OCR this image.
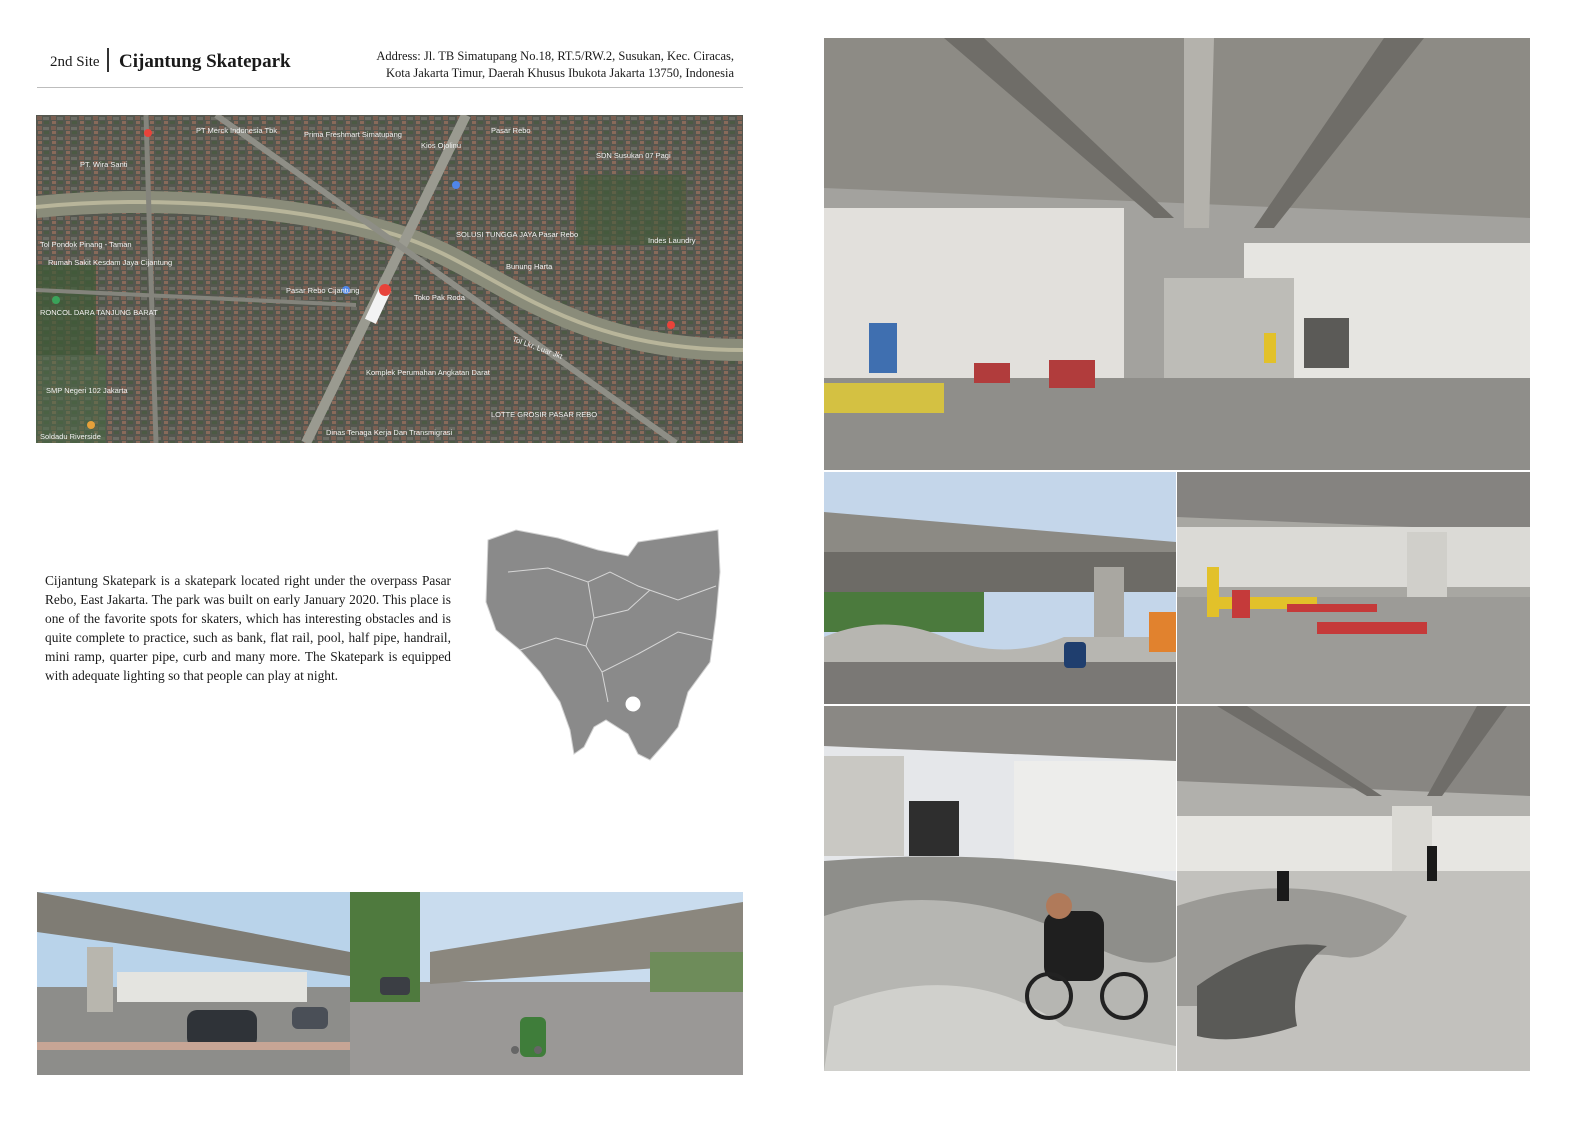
2nd Site Cijantung Skatepark	Address: Jl. TB Simatupang No.18, RT.5/RW.2, Susukan, Kec. Ciracas,
Kota Jakarta Timur, Daerah Khusus Ibukota Jakarta 13750, Indonesia
PT Merck Indonesia Tbk
PT. Wira Santi
Prima Freshmart Simatupang
Kios Ojolinu
Pasar Rebo
SDN Susukan 07 Pagi
Tol Pondok Pinang - Taman
Rumah Sakit Kesdam Jaya Cijantung
SOLUSI TUNGGA JAYA Pasar Rebo
Bunung Harta
Indes Laundry
Pasar Rebo Cijantung
Toko Pak Roda
RONCOL DARA TANJUNG BARAT
Tol Lkr. Luar Jkt
Komplek Perumahan Angkatan Darat
SMP Negeri 102 Jakarta
LOTTE GROSIR PASAR REBO
Dinas Tenaga Kerja Dan Transmigrasi
Soldadu Riverside

Cijantung Skatepark is a skatepark located right under the overpass Pasar Rebo, East Jakarta. The park was built on early January 2020. This place is one of the favorite spots for skaters, which has interesting obstacles and is quite complete to practice, such as bank, flat rail, pool, half pipe, handrail, mini ramp, quarter pipe, curb and many more. The Skatepark is equipped with adequate lighting so that people can play at night.
